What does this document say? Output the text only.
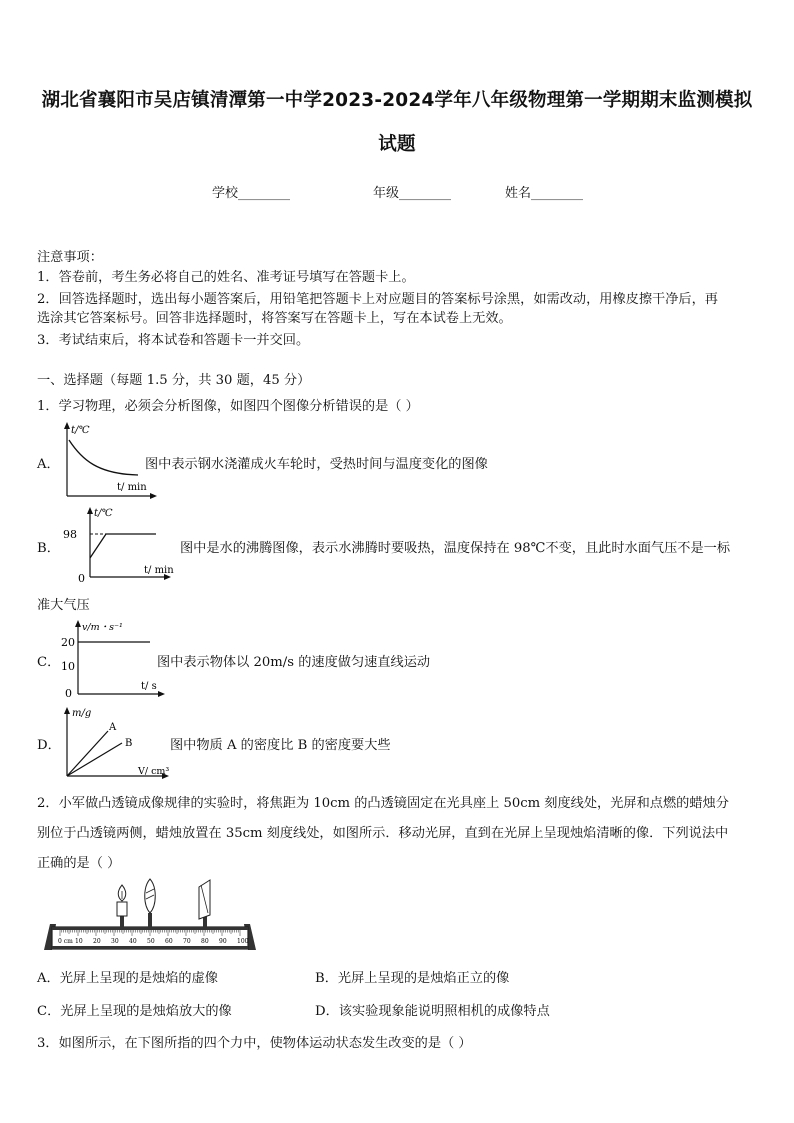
湖北省襄阳市吴店镇清潭第一中学2023-2024学年八年级物理第一学期期末监测模拟
试题
学校________	年级________	姓名________
注意事项：
1．答卷前，考生务必将自己的姓名、准考证号填写在答题卡上。
2．回答选择题时，选出每小题答案后，用铅笔把答题卡上对应题目的答案标号涂黑，如需改动，用橡皮擦干净后，再
选涂其它答案标号。回答非选择题时，将答案写在答题卡上，写在本试卷上无效。
3．考试结束后，将本试卷和答题卡一并交回。
一、选择题（每题 1.5 分，共 30 题，45 分）
1．学习物理，必须会分析图像，如图四个图像分析错误的是（ ）
A．
t/℃
t/ min
图中表示钢水浇灌成火车轮时，受热时间与温度变化的图像
B．
t/℃
98
0
t/ min
图中是水的沸腾图像，表示水沸腾时要吸热，温度保持在 98℃不变，且此时水面气压不是一标
准大气压
C．
v/m・s⁻¹
20
10
0
t/ s
图中表示物体以 20m/s 的速度做匀速直线运动
D．
m/g
A
B
V/ cm³
图中物质 A 的密度比 B 的密度要大些
2．小军做凸透镜成像规律的实验时，将焦距为 10cm 的凸透镜固定在光具座上 50cm 刻度线处，光屏和点燃的蜡烛分
别位于凸透镜两侧，蜡烛放置在 35cm 刻度线处，如图所示．移动光屏，直到在光屏上呈现烛焰清晰的像．下列说法中
正确的是（ ）
0 cm 10 20 30 40 50 60 70 80 90 100
A．光屏上呈现的是烛焰的虚像	B．光屏上呈现的是烛焰正立的像
C．光屏上呈现的是烛焰放大的像	D．该实验现象能说明照相机的成像特点
3．如图所示，在下图所指的四个力中，使物体运动状态发生改变的是（ ）
